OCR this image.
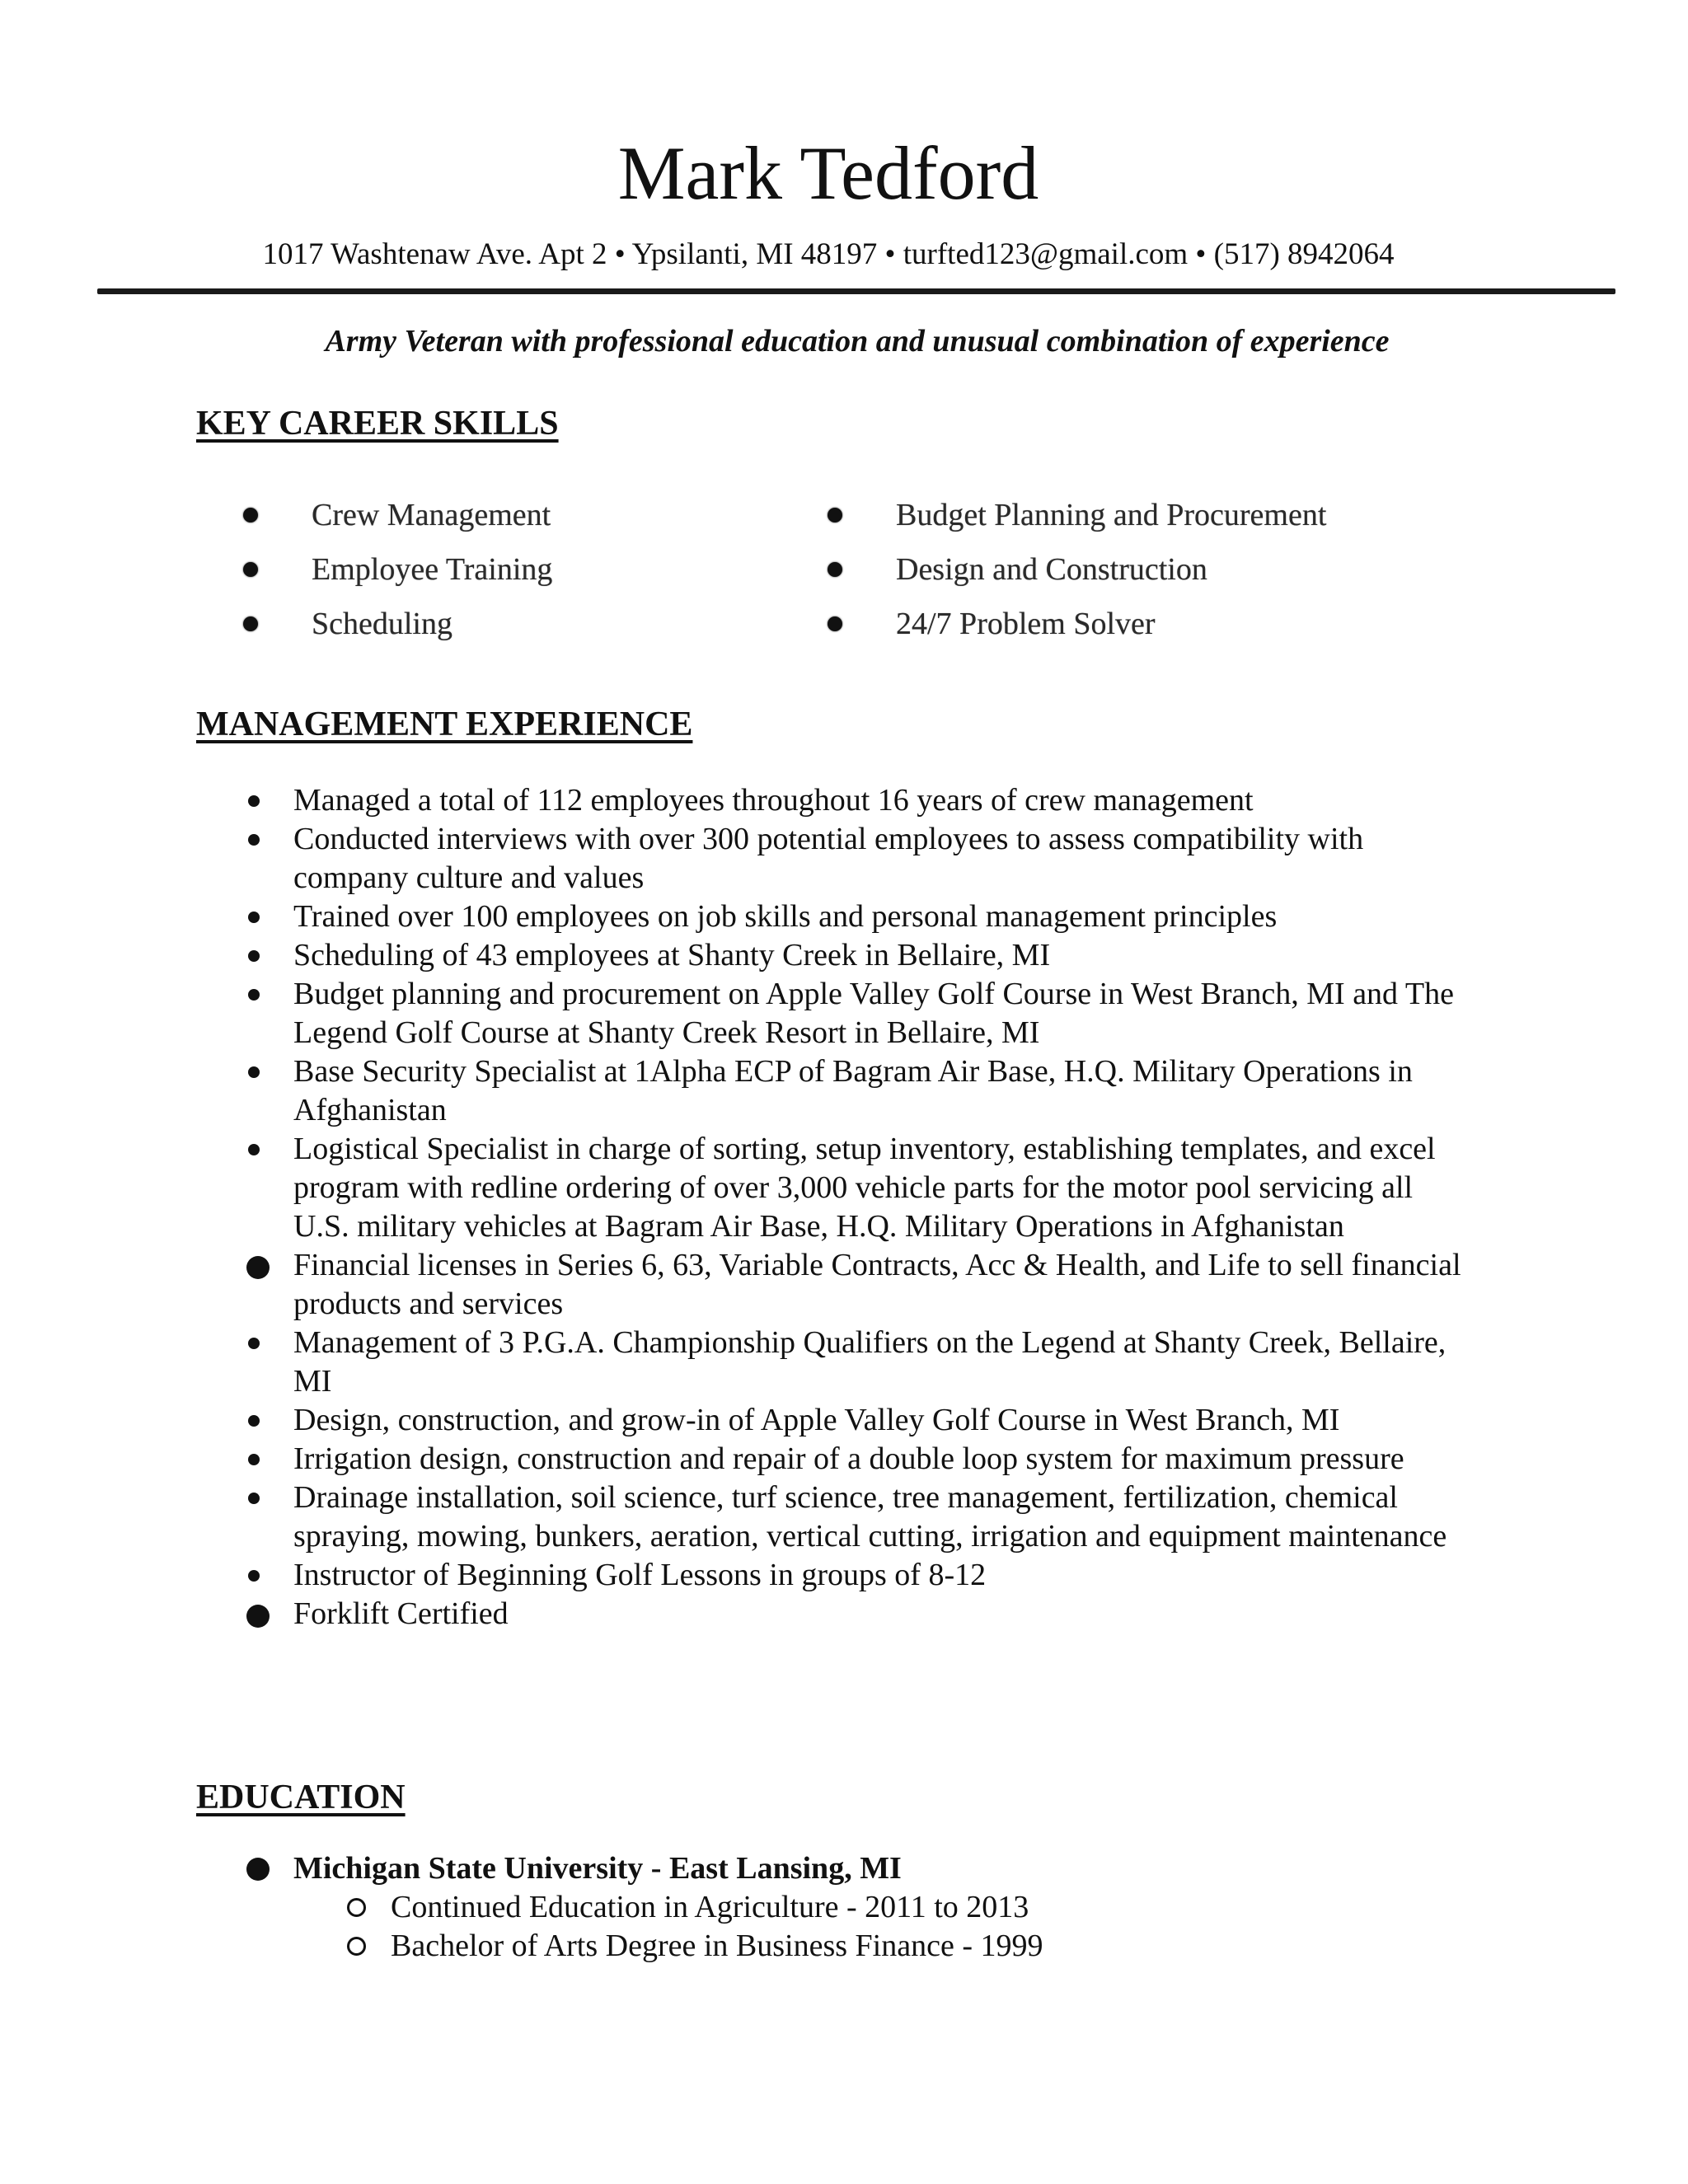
Mark Tedford
1017 Washtenaw Ave. Apt 2 • Ypsilanti, MI 48197 • turfted123@gmail.com • (517) 8942064
Army Veteran with professional education and unusual combination of experience
KEY CAREER SKILLS
Crew Management
Employee Training
Scheduling
Budget Planning and Procurement
Design and Construction
24/7 Problem Solver
MANAGEMENT EXPERIENCE
Managed a total of 112 employees throughout 16 years of crew management
Conducted interviews with over 300 potential employees to assess compatibility with company culture and values
Trained over 100 employees on job skills and personal management principles
Scheduling of 43 employees at Shanty Creek in Bellaire, MI
Budget planning and procurement on Apple Valley Golf Course in West Branch, MI and The Legend Golf Course at Shanty Creek Resort in Bellaire, MI
Base Security Specialist at 1Alpha ECP of Bagram Air Base, H.Q. Military Operations in Afghanistan
Logistical Specialist in charge of sorting, setup inventory, establishing templates, and excel program with redline ordering of over 3,000 vehicle parts for the motor pool servicing all U.S. military vehicles at Bagram Air Base, H.Q. Military Operations in Afghanistan
Financial licenses in Series 6, 63, Variable Contracts, Acc & Health, and Life to sell financial products and services
Management of 3 P.G.A. Championship Qualifiers on the Legend at Shanty Creek, Bellaire, MI
Design, construction, and grow-in of Apple Valley Golf Course in West Branch, MI
Irrigation design, construction and repair of a double loop system for maximum pressure
Drainage installation, soil science, turf science, tree management, fertilization, chemical spraying, mowing, bunkers, aeration, vertical cutting, irrigation and equipment maintenance
Instructor of Beginning Golf Lessons in groups of 8-12
Forklift Certified
EDUCATION
Michigan State University - East Lansing, MI
Continued Education in Agriculture - 2011 to 2013
Bachelor of Arts Degree in Business Finance - 1999
